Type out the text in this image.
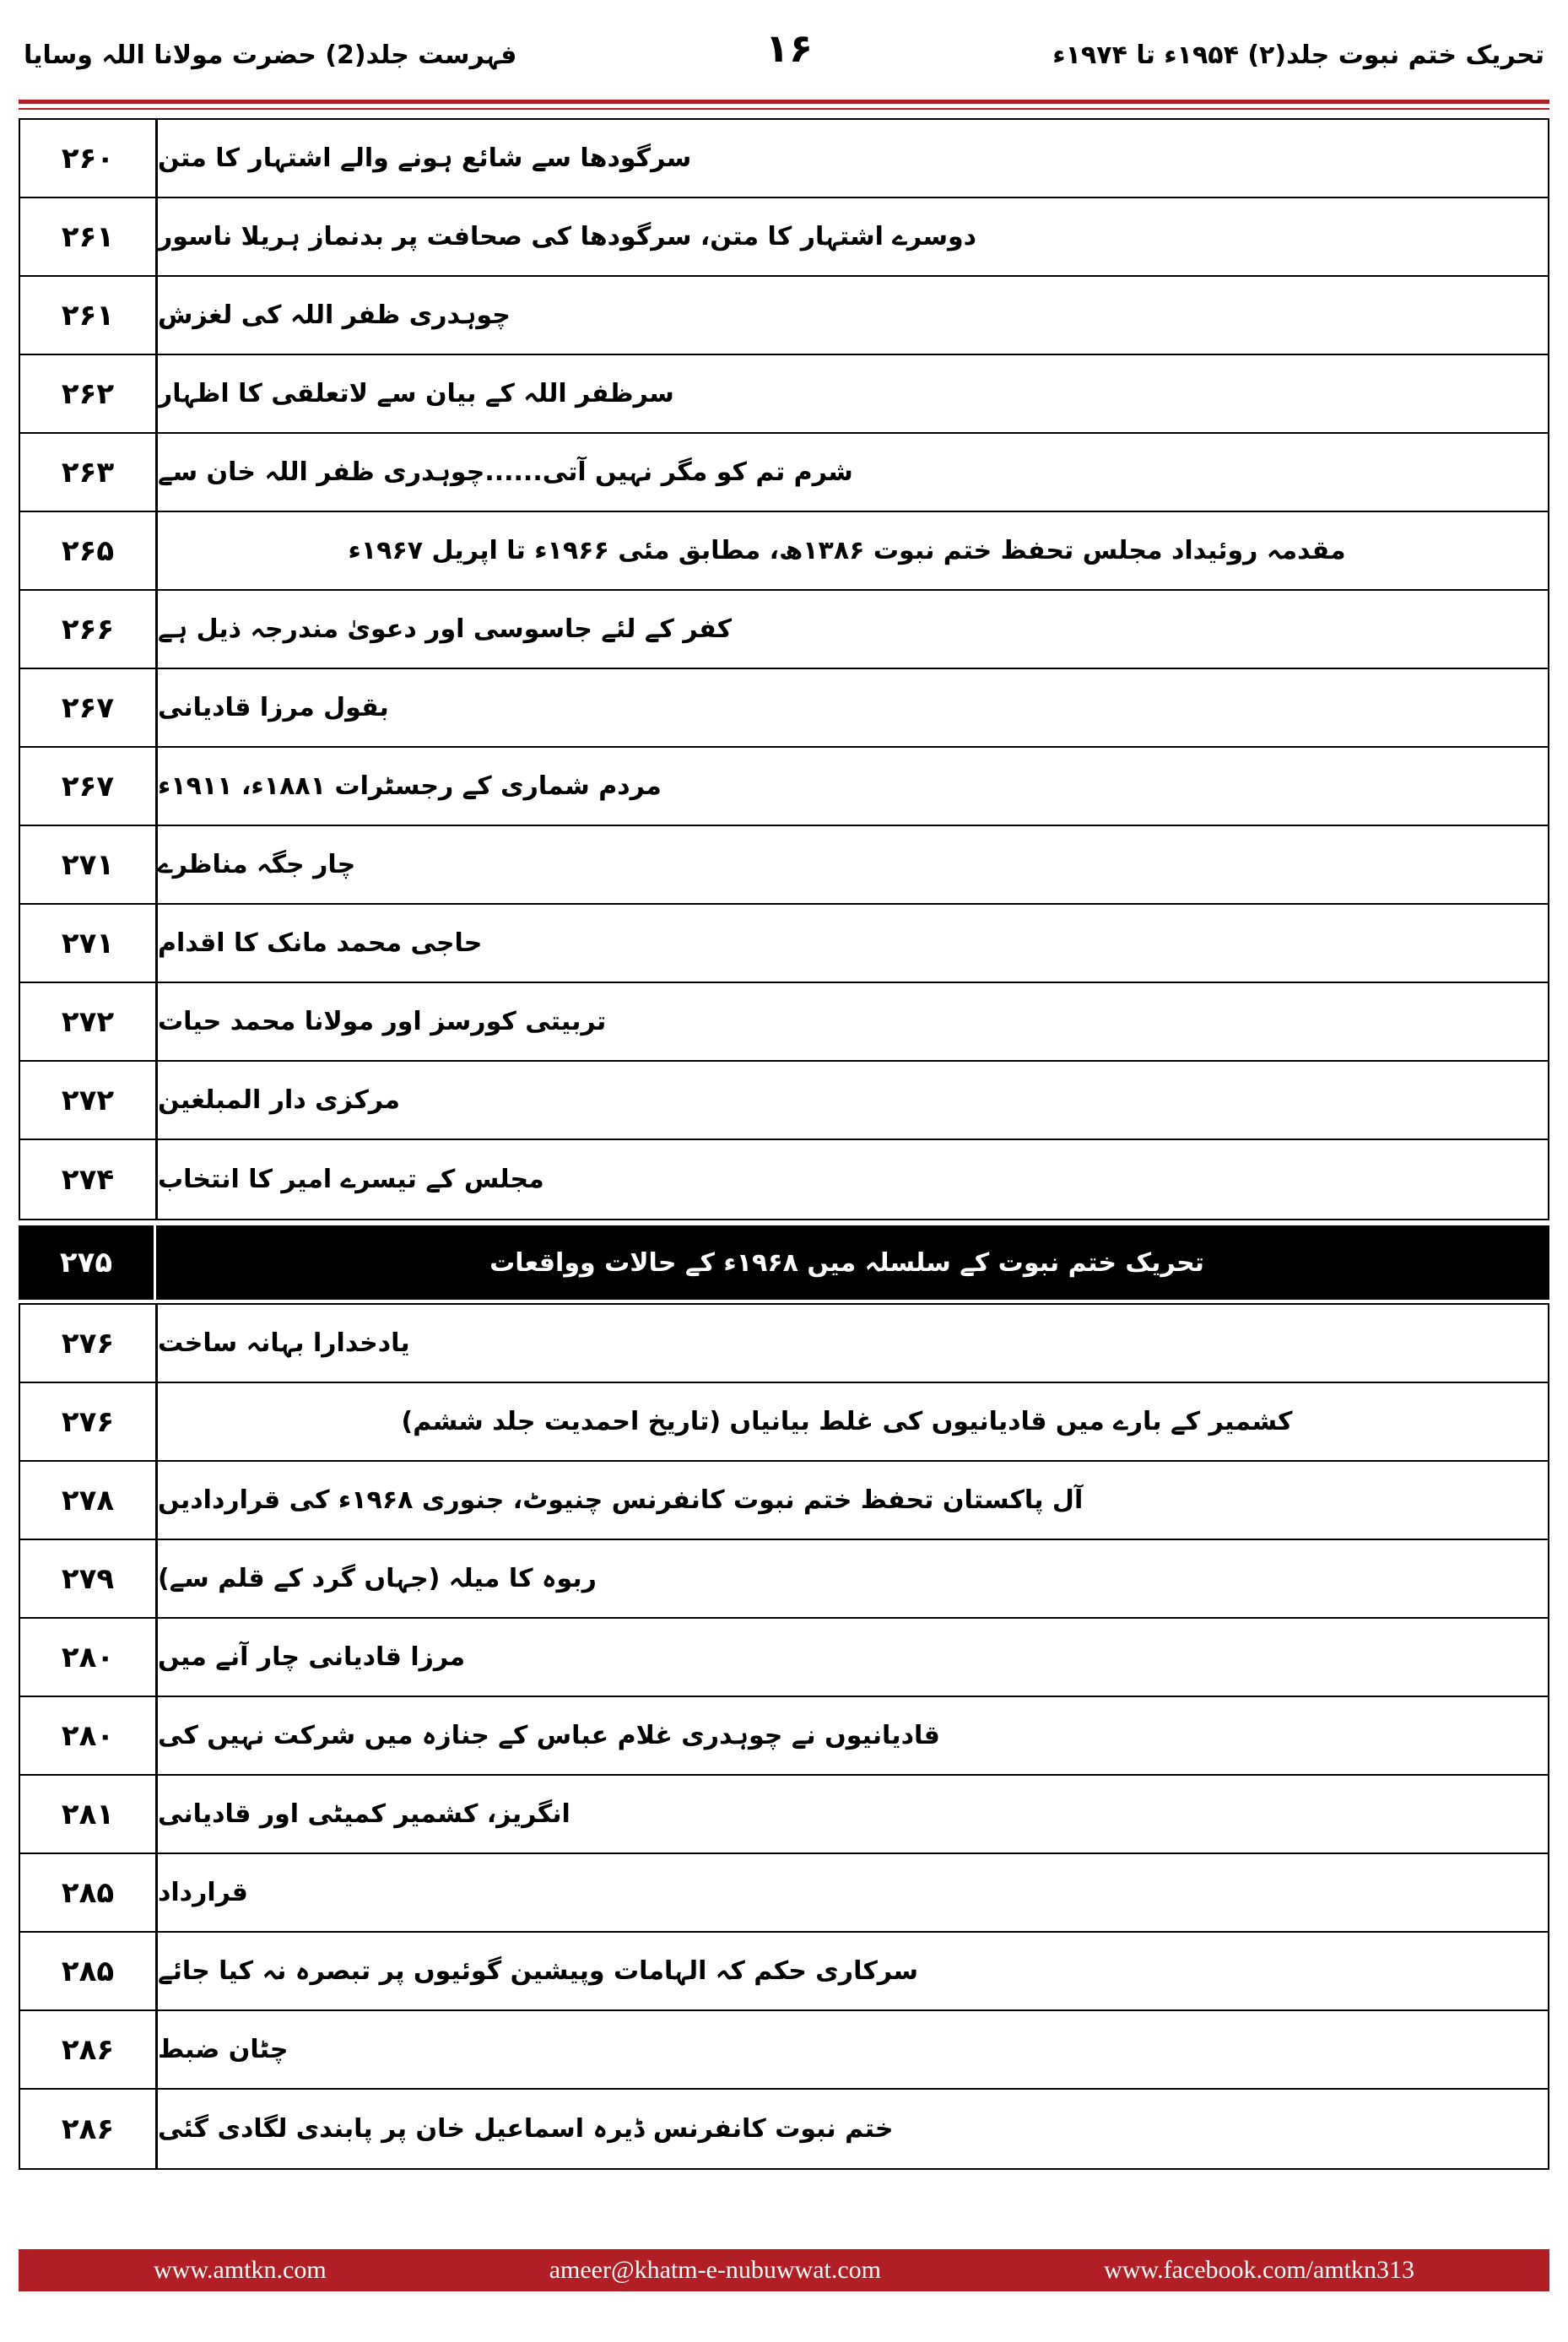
فہرست جلد(2) حضرت مولانا اللہ وسایا	۱۶	تحریک ختم نبوت جلد(۲) ۱۹۵۴ء تا ۱۹۷۴ء
۲۶۰	سرگودھا سے شائع ہونے والے اشتہار کا متن
۲۶۱	دوسرے اشتہار کا متن، سرگودھا کی صحافت پر بدنماز ہریلا ناسور
۲۶۱	چوہدری ظفر اللہ کی لغزش
۲۶۲	سرظفر اللہ کے بیان سے لاتعلقی کا اظہار
۲۶۳	شرم تم کو مگر نہیں آتی......چوہدری ظفر اللہ خان سے
۲۶۵	مقدمہ روئیداد مجلس تحفظ ختم نبوت ۱۳۸۶ھ، مطابق مئی ۱۹۶۶ء تا اپریل ۱۹۶۷ء
۲۶۶	کفر کے لئے جاسوسی اور دعویٰ مندرجہ ذیل ہے
۲۶۷	بقول مرزا قادیانی
۲۶۷	مردم شماری کے رجسٹرات ۱۸۸۱ء، ۱۹۱۱ء
۲۷۱	چار جگہ مناظرے
۲۷۱	حاجی محمد مانک کا اقدام
۲۷۲	تربیتی کورسز اور مولانا محمد حیات
۲۷۲	مرکزی دار المبلغین
۲۷۴	مجلس کے تیسرے امیر کا انتخاب
۲۷۵	تحریک ختم نبوت کے سلسلہ میں ۱۹۶۸ء کے حالات وواقعات
۲۷۶	یادخدارا بہانہ ساخت
۲۷۶	کشمیر کے بارے میں قادیانیوں کی غلط بیانیاں (تاریخ احمدیت جلد ششم)
۲۷۸	آل پاکستان تحفظ ختم نبوت کانفرنس چنیوٹ، جنوری ۱۹۶۸ء کی قراردادیں
۲۷۹	ربوہ کا میلہ (جہاں گرد کے قلم سے)
۲۸۰	مرزا قادیانی چار آنے میں
۲۸۰	قادیانیوں نے چوہدری غلام عباس کے جنازہ میں شرکت نہیں کی
۲۸۱	انگریز، کشمیر کمیٹی اور قادیانی
۲۸۵	قرارداد
۲۸۵	سرکاری حکم کہ الہامات وپیشین گوئیوں پر تبصرہ نہ کیا جائے
۲۸۶	چٹان ضبط
۲۸۶	ختم نبوت کانفرنس ڈیرہ اسماعیل خان پر پابندی لگادی گئی
www.amtkn.com	ameer@khatm-e-nubuwwat.com	www.facebook.com/amtkn313
